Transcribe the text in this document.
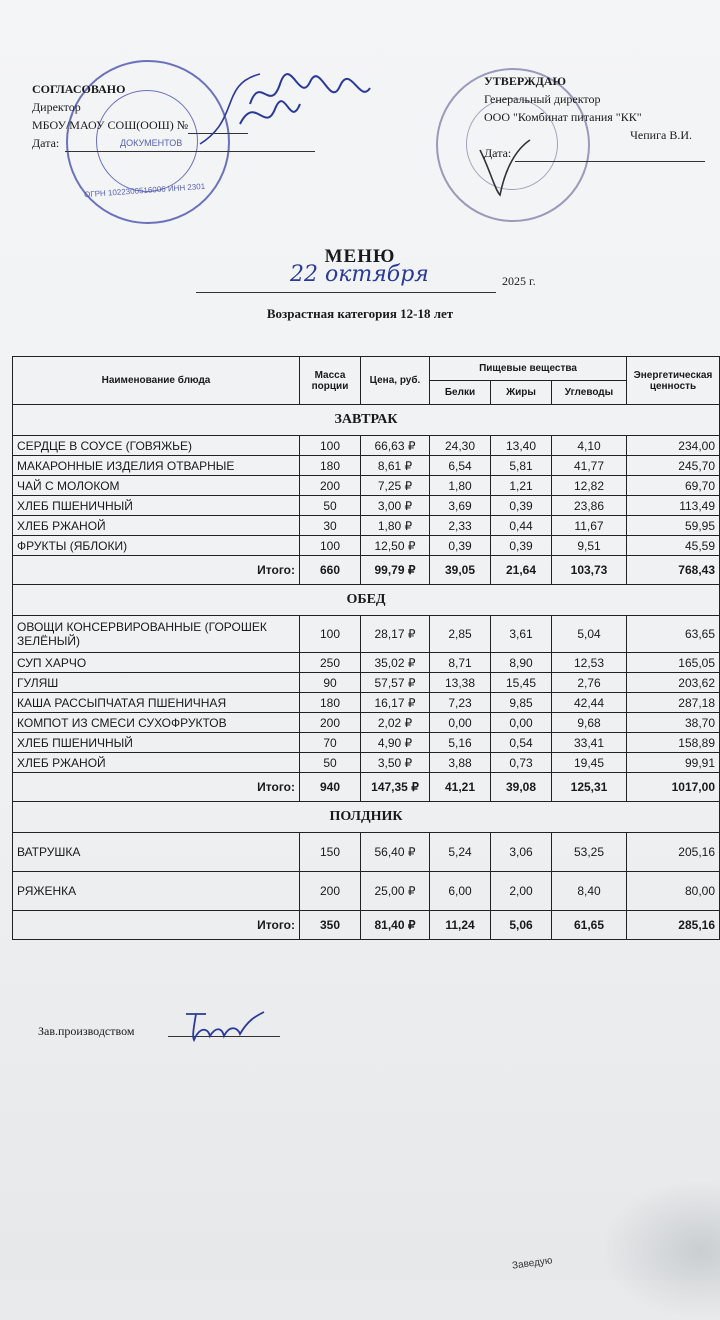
ДОКУМЕНТОВ
ОГРН 1022300516006 ИНН 2301
СОГЛАСОВАНО
Директор
МБОУ/МАОУ СОШ(ООШ) №
Дата:
УТВЕРЖДАЮ
Генеральный директор
ООО "Комбинат питания "КК"
Чепига В.И.
Дата:
МЕНЮ
22 октября	2025 г.
Возрастная категория 12-18 лет
Наименование блюда	Масса порции	Цена, руб.	Пищевые вещества			Энергетическая ценность
			Белки	Жиры	Углеводы	
ЗАВТРАК						
СЕРДЦЕ В СОУСЕ (ГОВЯЖЬЕ)	100	66,63 ₽	24,30	13,40	4,10	234,00
МАКАРОННЫЕ ИЗДЕЛИЯ ОТВАРНЫЕ	180	8,61 ₽	6,54	5,81	41,77	245,70
ЧАЙ С МОЛОКОМ	200	7,25 ₽	1,80	1,21	12,82	69,70
ХЛЕБ ПШЕНИЧНЫЙ	50	3,00 ₽	3,69	0,39	23,86	113,49
ХЛЕБ РЖАНОЙ	30	1,80 ₽	2,33	0,44	11,67	59,95
ФРУКТЫ (ЯБЛОКИ)	100	12,50 ₽	0,39	0,39	9,51	45,59
Итого:	660	99,79 ₽	39,05	21,64	103,73	768,43
ОБЕД						
ОВОЩИ КОНСЕРВИРОВАННЫЕ (ГОРОШЕК ЗЕЛЁНЫЙ)	100	28,17 ₽	2,85	3,61	5,04	63,65
СУП ХАРЧО	250	35,02 ₽	8,71	8,90	12,53	165,05
ГУЛЯШ	90	57,57 ₽	13,38	15,45	2,76	203,62
КАША РАССЫПЧАТАЯ ПШЕНИЧНАЯ	180	16,17 ₽	7,23	9,85	42,44	287,18
КОМПОТ ИЗ СМЕСИ СУХОФРУКТОВ	200	2,02 ₽	0,00	0,00	9,68	38,70
ХЛЕБ ПШЕНИЧНЫЙ	70	4,90 ₽	5,16	0,54	33,41	158,89
ХЛЕБ РЖАНОЙ	50	3,50 ₽	3,88	0,73	19,45	99,91
Итого:	940	147,35 ₽	41,21	39,08	125,31	1017,00
ПОЛДНИК						
ВАТРУШКА	150	56,40 ₽	5,24	3,06	53,25	205,16
РЯЖЕНКА	200	25,00 ₽	6,00	2,00	8,40	80,00
Итого:	350	81,40 ₽	11,24	5,06	61,65	285,16
Зав.производством
Заведую
